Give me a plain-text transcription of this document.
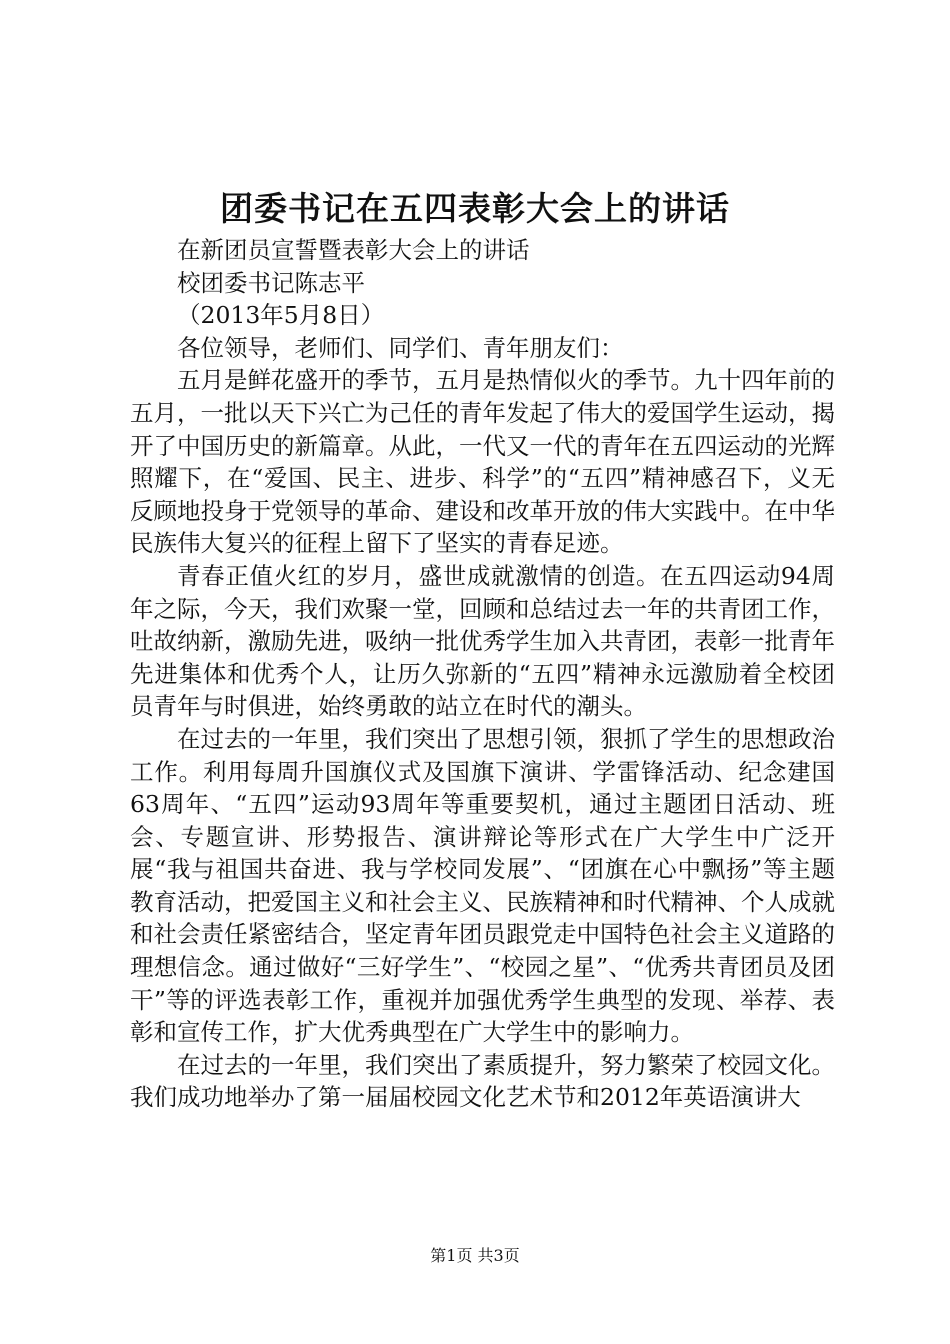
团委书记在五四表彰大会上的讲话

在新团员宣誓暨表彰大会上的讲话

校团委书记陈志平

（2013年5月8日）

各位领导，老师们、同学们、青年朋友们：

五月是鲜花盛开的季节，五月是热情似火的季节。九十四年前的五月，一批以天下兴亡为己任的青年发起了伟大的爱国学生运动，揭开了中国历史的新篇章。从此，一代又一代的青年在五四运动的光辉照耀下，在“爱国、民主、进步、科学”的“五四”精神感召下，义无反顾地投身于党领导的革命、建设和改革开放的伟大实践中。在中华民族伟大复兴的征程上留下了坚实的青春足迹。

青春正值火红的岁月，盛世成就激情的创造。在五四运动94周年之际，今天，我们欢聚一堂，回顾和总结过去一年的共青团工作，吐故纳新，激励先进，吸纳一批优秀学生加入共青团，表彰一批青年先进集体和优秀个人，让历久弥新的“五四”精神永远激励着全校团员青年与时俱进，始终勇敢的站立在时代的潮头。

在过去的一年里，我们突出了思想引领，狠抓了学生的思想政治工作。利用每周升国旗仪式及国旗下演讲、学雷锋活动、纪念建国63周年、“五四”运动93周年等重要契机，通过主题团日活动、班会、专题宣讲、形势报告、演讲辩论等形式在广大学生中广泛开展“我与祖国共奋进、我与学校同发展”、“团旗在心中飘扬”等主题教育活动，把爱国主义和社会主义、民族精神和时代精神、个人成就和社会责任紧密结合，坚定青年团员跟党走中国特色社会主义道路的理想信念。通过做好“三好学生”、“校园之星”、“优秀共青团员及团干”等的评选表彰工作，重视并加强优秀学生典型的发现、举荐、表彰和宣传工作，扩大优秀典型在广大学生中的影响力。

在过去的一年里，我们突出了素质提升，努力繁荣了校园文化。我们成功地举办了第一届届校园文化艺术节和2012年英语演讲大

第1页 共3页
